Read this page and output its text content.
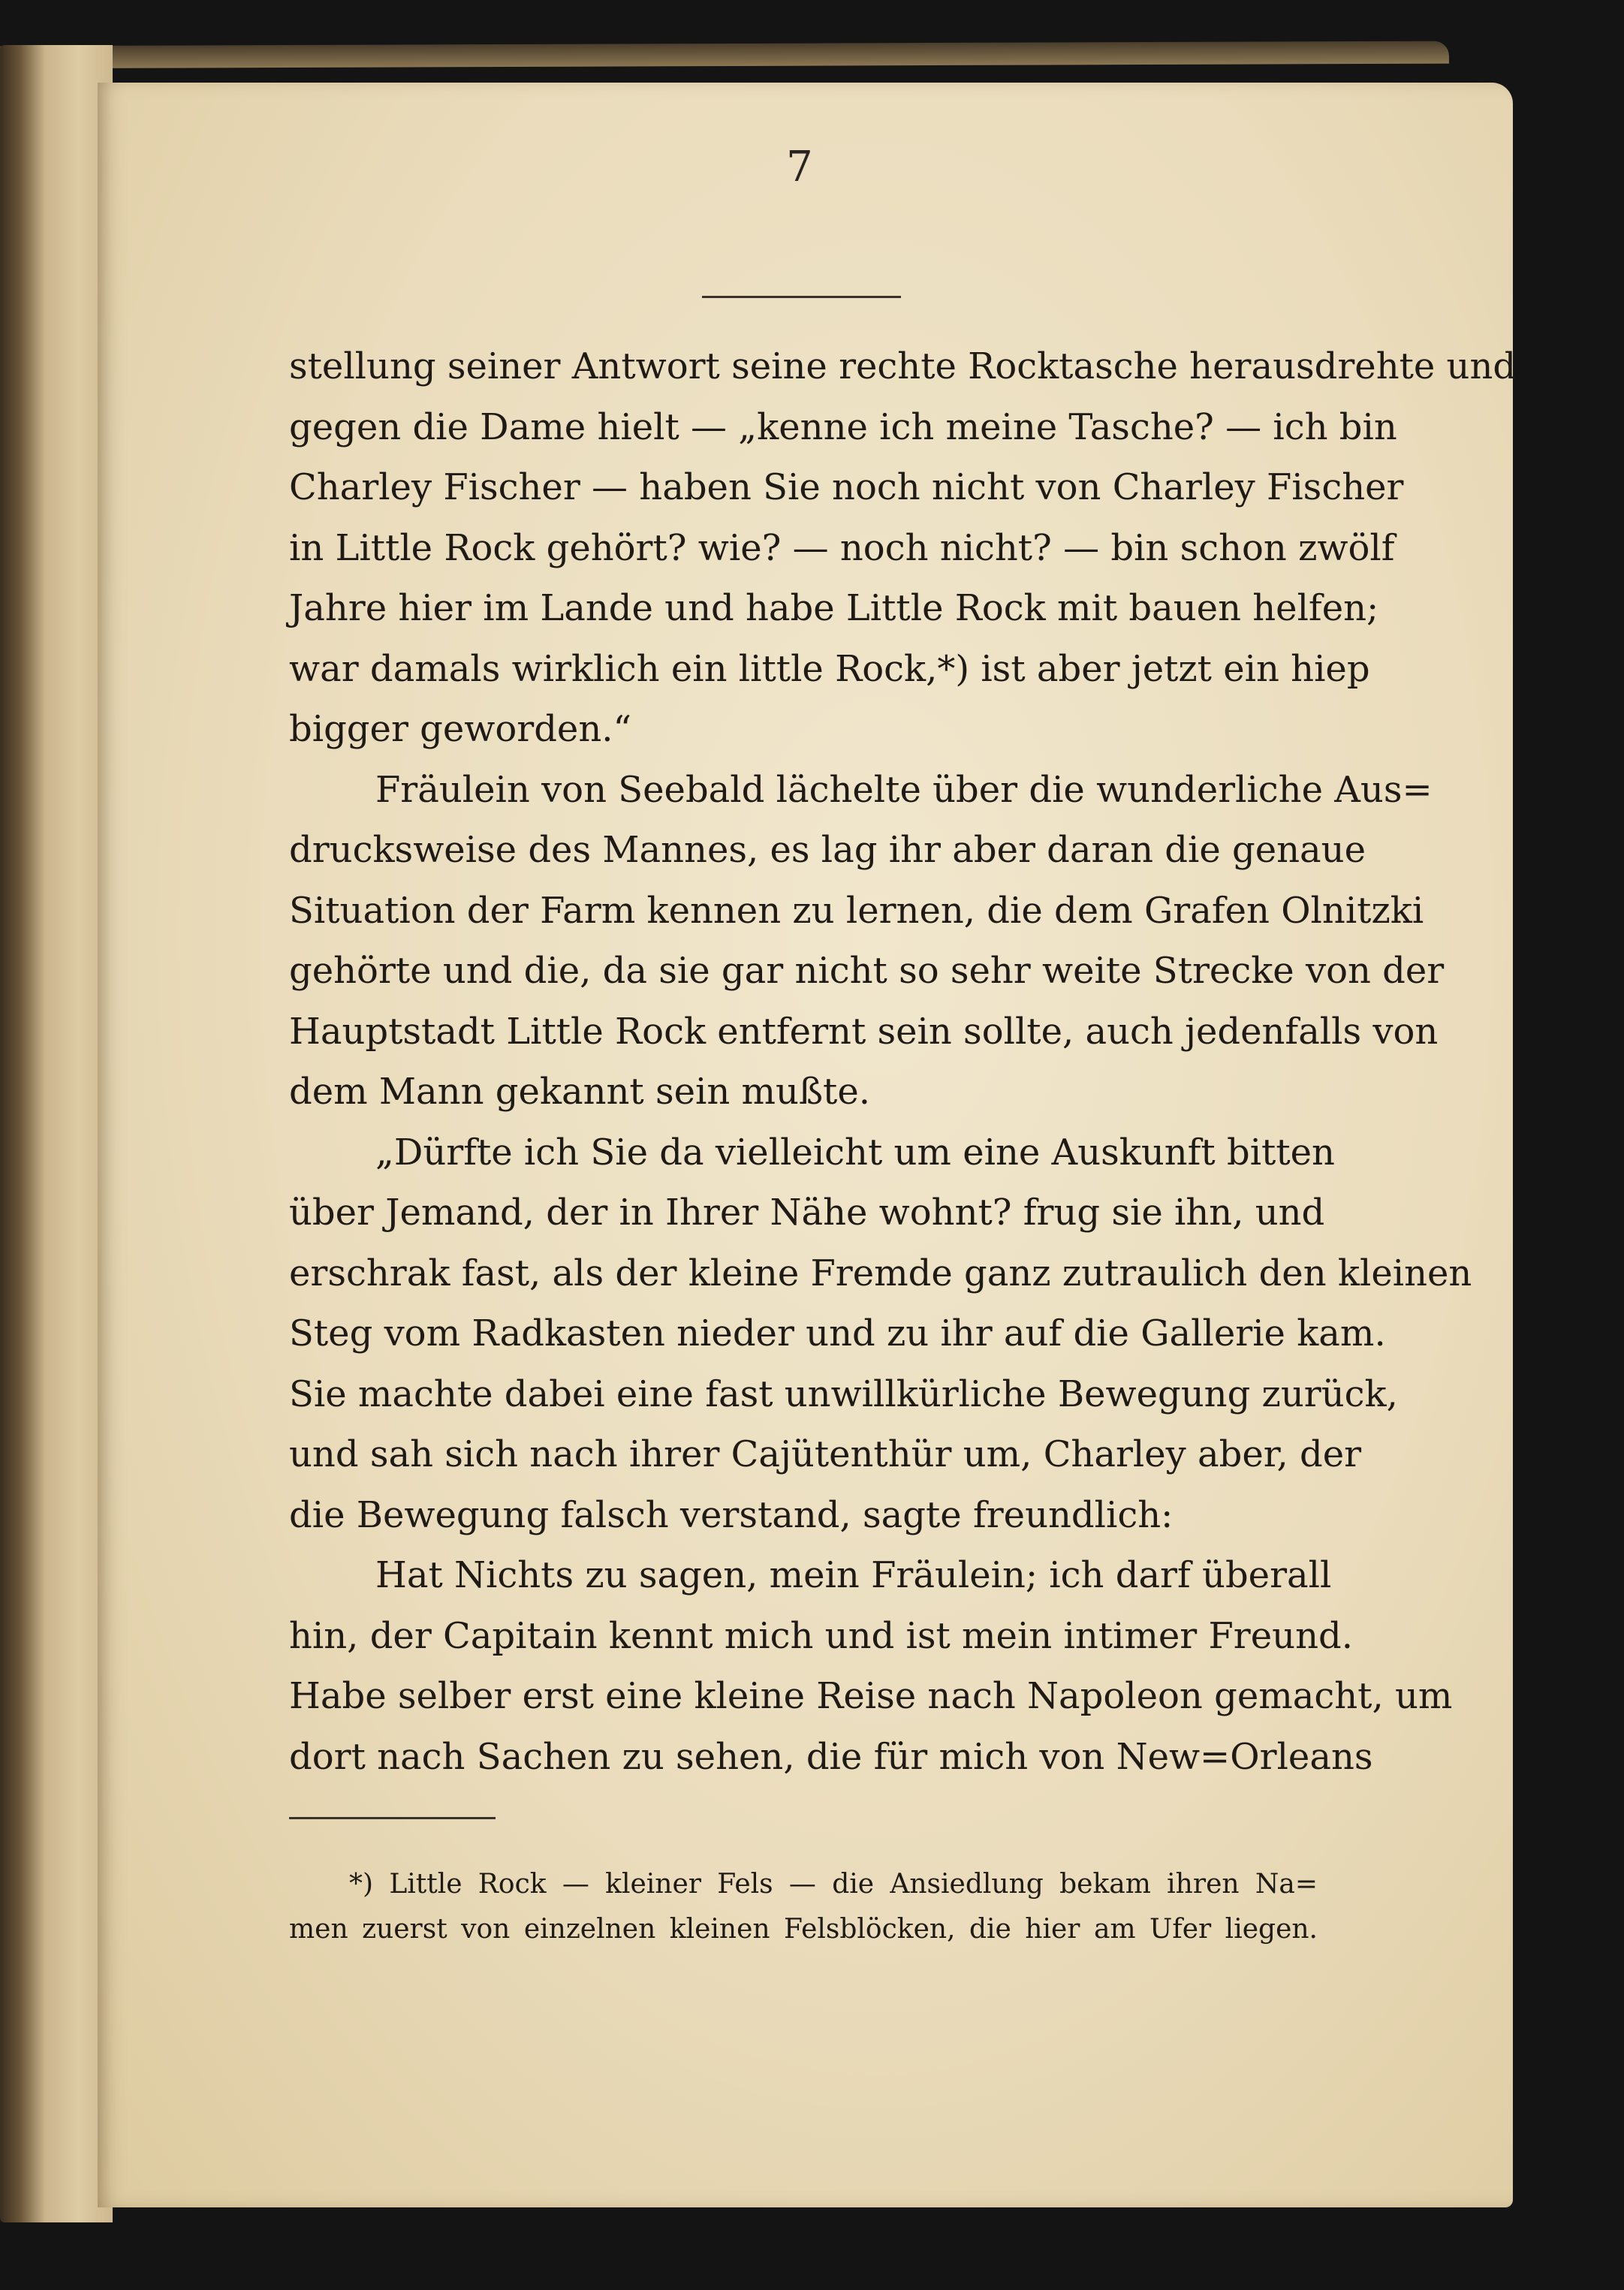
7
stellung seiner Antwort seine rechte Rocktasche herausdrehte und
gegen die Dame hielt — „kenne ich meine Tasche? — ich bin
Charley Fischer — haben Sie noch nicht von Charley Fischer
in Little Rock gehört? wie? — noch nicht? — bin schon zwölf
Jahre hier im Lande und habe Little Rock mit bauen helfen;
war damals wirklich ein little Rock,*) ist aber jetzt ein hiep
bigger geworden.“
Fräulein von Seebald lächelte über die wunderliche Aus=
drucksweise des Mannes, es lag ihr aber daran die genaue
Situation der Farm kennen zu lernen, die dem Grafen Olnitzki
gehörte und die, da sie gar nicht so sehr weite Strecke von der
Hauptstadt Little Rock entfernt sein sollte, auch jedenfalls von
dem Mann gekannt sein mußte.
„Dürfte ich Sie da vielleicht um eine Auskunft bitten
über Jemand, der in Ihrer Nähe wohnt? frug sie ihn, und
erschrak fast, als der kleine Fremde ganz zutraulich den kleinen
Steg vom Radkasten nieder und zu ihr auf die Gallerie kam.
Sie machte dabei eine fast unwillkürliche Bewegung zurück,
und sah sich nach ihrer Cajütenthür um, Charley aber, der
die Bewegung falsch verstand, sagte freundlich:
Hat Nichts zu sagen, mein Fräulein; ich darf überall
hin, der Capitain kennt mich und ist mein intimer Freund.
Habe selber erst eine kleine Reise nach Napoleon gemacht, um
dort nach Sachen zu sehen, die für mich von New=Orleans
*) Little Rock — kleiner Fels — die Ansiedlung bekam ihren Na=
men zuerst von einzelnen kleinen Felsblöcken, die hier am Ufer liegen.
